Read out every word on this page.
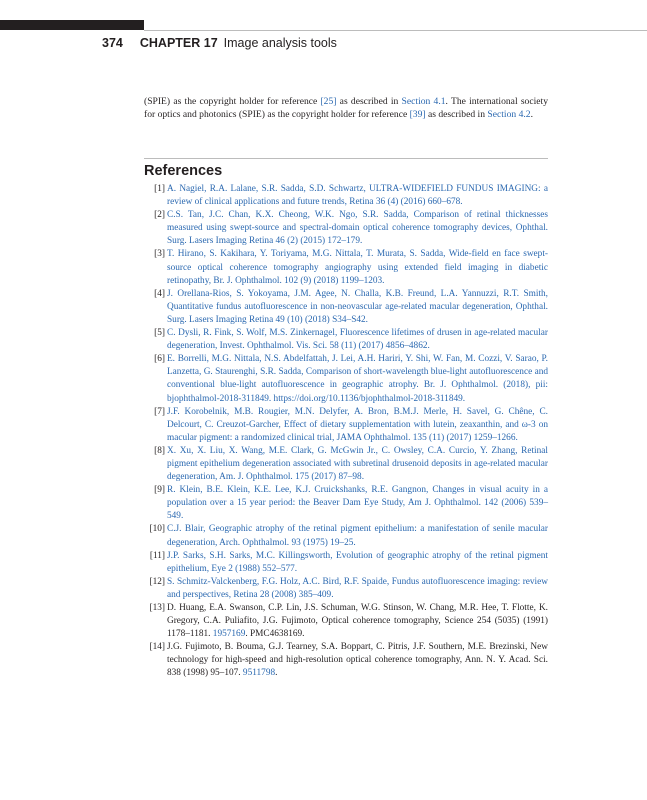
374 CHAPTER 17 Image analysis tools

(SPIE) as the copyright holder for reference [25] as described in Section 4.1. The international society for optics and photonics (SPIE) as the copyright holder for reference [39] as described in Section 4.2.

References
[1] A. Nagiel, R.A. Lalane, S.R. Sadda, S.D. Schwartz, ULTRA-WIDEFIELD FUNDUS IMAGING: a review of clinical applications and future trends, Retina 36 (4) (2016) 660–678.
[2] C.S. Tan, J.C. Chan, K.X. Cheong, W.K. Ngo, S.R. Sadda, Comparison of retinal thicknesses measured using swept-source and spectral-domain optical coherence tomography devices, Ophthal. Surg. Lasers Imaging Retina 46 (2) (2015) 172–179.
[3] T. Hirano, S. Kakihara, Y. Toriyama, M.G. Nittala, T. Murata, S. Sadda, Wide-field en face swept-source optical coherence tomography angiography using extended field imaging in diabetic retinopathy, Br. J. Ophthalmol. 102 (9) (2018) 1199–1203.
[4] J. Orellana-Rios, S. Yokoyama, J.M. Agee, N. Challa, K.B. Freund, L.A. Yannuzzi, R.T. Smith, Quantitative fundus autofluorescence in non-neovascular age-related macular degeneration, Ophthal. Surg. Lasers Imaging Retina 49 (10) (2018) S34–S42.
[5] C. Dysli, R. Fink, S. Wolf, M.S. Zinkernagel, Fluorescence lifetimes of drusen in age-related macular degeneration, Invest. Ophthalmol. Vis. Sci. 58 (11) (2017) 4856–4862.
[6] E. Borrelli, M.G. Nittala, N.S. Abdelfattah, J. Lei, A.H. Hariri, Y. Shi, W. Fan, M. Cozzi, V. Sarao, P. Lanzetta, G. Staurenghi, S.R. Sadda, Comparison of short-wavelength blue-light autofluorescence and conventional blue-light autofluorescence in geographic atrophy. Br. J. Ophthalmol. (2018), pii: bjophthalmol-2018-311849. https://doi.org/10.1136/bjophthalmol-2018-311849.
[7] J.F. Korobelnik, M.B. Rougier, M.N. Delyfer, A. Bron, B.M.J. Merle, H. Savel, G. Chêne, C. Delcourt, C. Creuzot-Garcher, Effect of dietary supplementation with lutein, zeaxanthin, and ω-3 on macular pigment: a randomized clinical trial, JAMA Ophthalmol. 135 (11) (2017) 1259–1266.
[8] X. Xu, X. Liu, X. Wang, M.E. Clark, G. McGwin Jr., C. Owsley, C.A. Curcio, Y. Zhang, Retinal pigment epithelium degeneration associated with subretinal drusenoid deposits in age-related macular degeneration, Am. J. Ophthalmol. 175 (2017) 87–98.
[9] R. Klein, B.E. Klein, K.E. Lee, K.J. Cruickshanks, R.E. Gangnon, Changes in visual acuity in a population over a 15 year period: the Beaver Dam Eye Study, Am J. Ophthalmol. 142 (2006) 539–549.
[10] C.J. Blair, Geographic atrophy of the retinal pigment epithelium: a manifestation of senile macular degeneration, Arch. Ophthalmol. 93 (1975) 19–25.
[11] J.P. Sarks, S.H. Sarks, M.C. Killingsworth, Evolution of geographic atrophy of the retinal pigment epithelium, Eye 2 (1988) 552–577.
[12] S. Schmitz-Valckenberg, F.G. Holz, A.C. Bird, R.F. Spaide, Fundus autofluorescence imaging: review and perspectives, Retina 28 (2008) 385–409.
[13] D. Huang, E.A. Swanson, C.P. Lin, J.S. Schuman, W.G. Stinson, W. Chang, M.R. Hee, T. Flotte, K. Gregory, C.A. Puliafito, J.G. Fujimoto, Optical coherence tomography, Science 254 (5035) (1991) 1178–1181. 1957169. PMC4638169.
[14] J.G. Fujimoto, B. Bouma, G.J. Tearney, S.A. Boppart, C. Pitris, J.F. Southern, M.E. Brezinski, New technology for high-speed and high-resolution optical coherence tomography, Ann. N. Y. Acad. Sci. 838 (1998) 95–107. 9511798.
